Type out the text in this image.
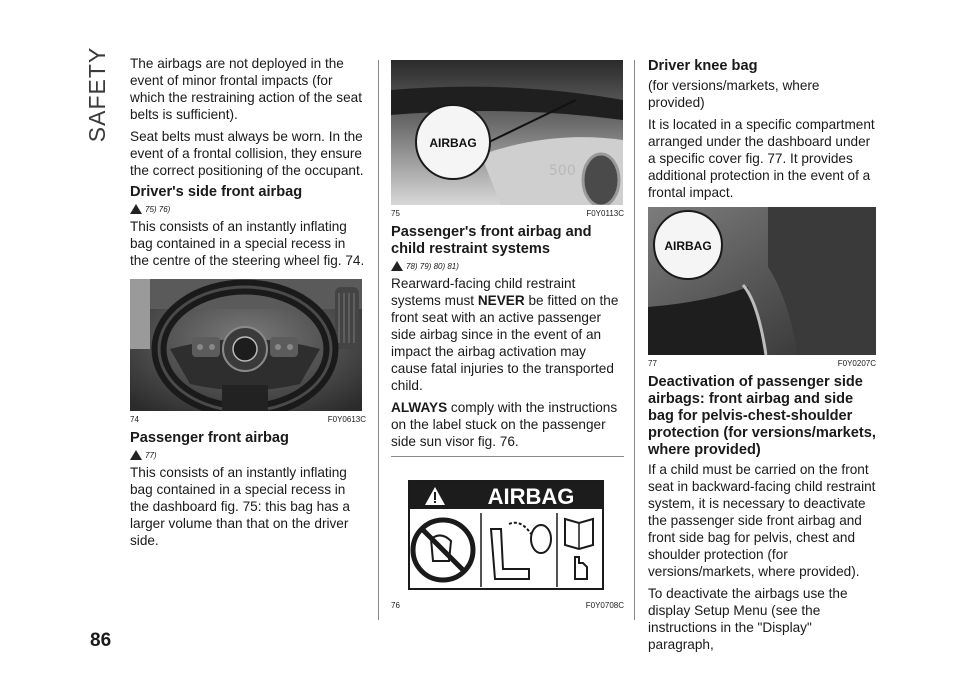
SAFETY The airbags are not deployed in the event of minor frontal impacts (for which the restraining action of the seat belts is sufficient).

Seat belts must always be worn. In the event of a frontal collision, they ensure the correct positioning of the occupant.

Driver's side front airbag
75) 76)

This consists of an instantly inflating bag contained in a special recess in the centre of the steering wheel fig. 74.

74	F0Y0613C
Passenger front airbag
77)

This consists of an instantly inflating bag contained in a special recess in the dashboard fig. 75: this bag has a larger volume than that on the driver side.

500
AIRBAG
75	F0Y0113C
Passenger's front airbag and child restraint systems
78) 79) 80) 81)

Rearward-facing child restraint systems must NEVER be fitted on the front seat with an active passenger side airbag since in the event of an impact the airbag activation may cause fatal injuries to the transported child.

ALWAYS comply with the instructions on the label stuck on the passenger side sun visor fig. 76.

AIRBAG
76	F0Y0708C
Driver knee bag

(for versions/markets, where provided)

It is located in a specific compartment arranged under the dashboard under a specific cover fig. 77. It provides additional protection in the event of a frontal impact.

AIRBAG
77	F0Y0207C
Deactivation of passenger side airbags: front airbag and side bag for pelvis-chest-shoulder protection (for versions/markets, where provided)

If a child must be carried on the front seat in backward-facing child restraint system, it is necessary to deactivate the passenger side front airbag and front side bag for pelvis, chest and shoulder protection (for versions/markets, where provided).

To deactivate the airbags use the display Setup Menu (see the instructions in the "Display" paragraph,

86
